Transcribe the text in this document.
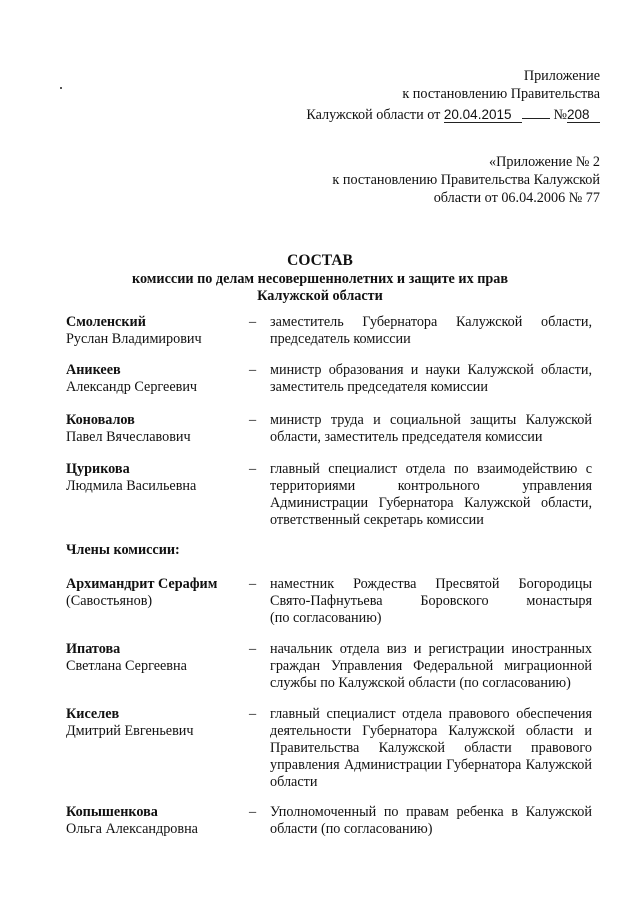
Приложение
к постановлению Правительства
Калужской области от 20.04.2015	№208
«Приложение № 2
к постановлению Правительства Калужской
области от 06.04.2006 № 77
СОСТАВ
комиссии по делам несовершеннолетних и защите их прав
Калужской области
Члены комиссии:
Смоленский
Руслан Владимирович
– заместитель Губернатора Калужской области,
председатель комиссии
Аникеев
Александр Сергеевич
– министр образования и науки Калужской области,
заместитель председателя комиссии
Коновалов
Павел Вячеславович
– министр труда и социальной защиты Калужской
области, заместитель председателя комиссии
Цурикова
Людмила Васильевна
– главный специалист отдела по взаимодействию с
территориями контрольного управления
Администрации Губернатора Калужской области,
ответственный секретарь комиссии
Архимандрит Серафим
(Савостьянов)
– наместник Рождества Пресвятой Богородицы
Свято-Пафнутьева Боровского монастыря
(по согласованию)
Ипатова
Светлана Сергеевна
– начальник отдела виз и регистрации иностранных
граждан Управления Федеральной миграционной
службы по Калужской области (по согласованию)
Киселев
Дмитрий Евгеньевич
– главный специалист отдела правового обеспечения
деятельности Губернатора Калужской области и
Правительства Калужской области правового
управления Администрации Губернатора Калужской
области
Копышенкова
Ольга Александровна
– Уполномоченный по правам ребенка в Калужской
области (по согласованию)
